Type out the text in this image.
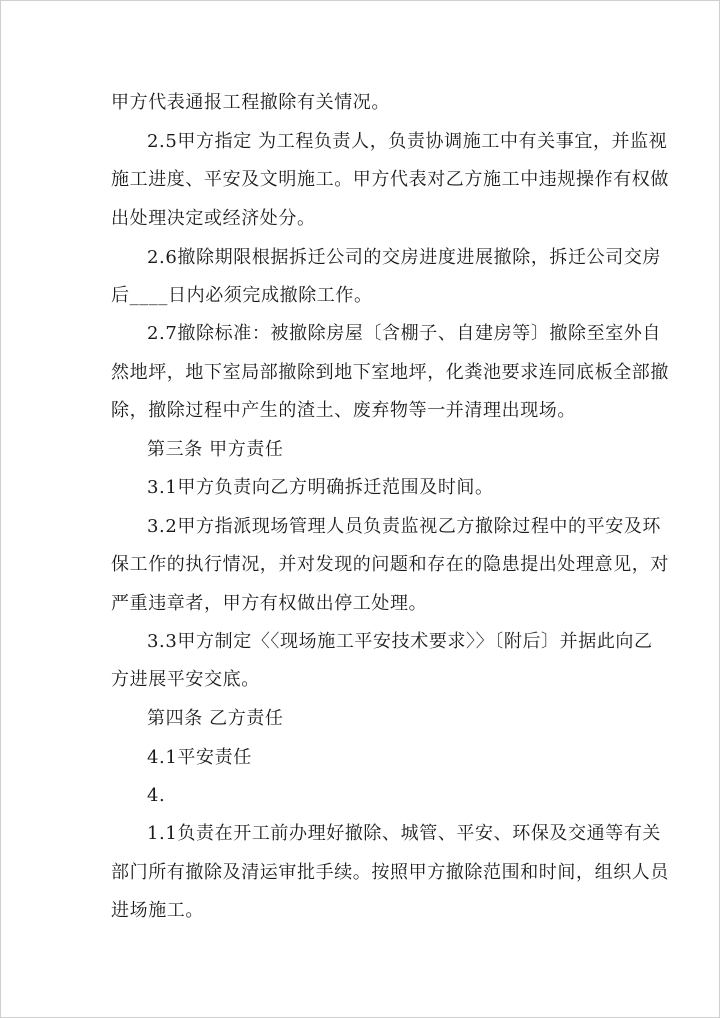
甲方代表通报工程撤除有关情况。
2.5甲方指定 为工程负责人，负责协调施工中有关事宜，并监视
施工进度、平安及文明施工。甲方代表对乙方施工中违规操作有权做
出处理决定或经济处分。
2.6撤除期限根据拆迁公司的交房进度进展撤除，拆迁公司交房
后____日内必须完成撤除工作。
2.7撤除标准：被撤除房屋〔含棚子、自建房等〕撤除至室外自
然地坪，地下室局部撤除到地下室地坪，化粪池要求连同底板全部撤
除，撤除过程中产生的渣土、废弃物等一并清理出现场。
第三条 甲方责任
3.1甲方负责向乙方明确拆迁范围及时间。
3.2甲方指派现场管理人员负责监视乙方撤除过程中的平安及环
保工作的执行情况，并对发现的问题和存在的隐患提出处理意见，对
严重违章者，甲方有权做出停工处理。
3.3甲方制定〈〈现场施工平安技术要求〉〉〔附后〕并据此向乙
方进展平安交底。
第四条 乙方责任
4.1平安责任
4.
1.1负责在开工前办理好撤除、城管、平安、环保及交通等有关
部门所有撤除及清运审批手续。按照甲方撤除范围和时间，组织人员
进场施工。
